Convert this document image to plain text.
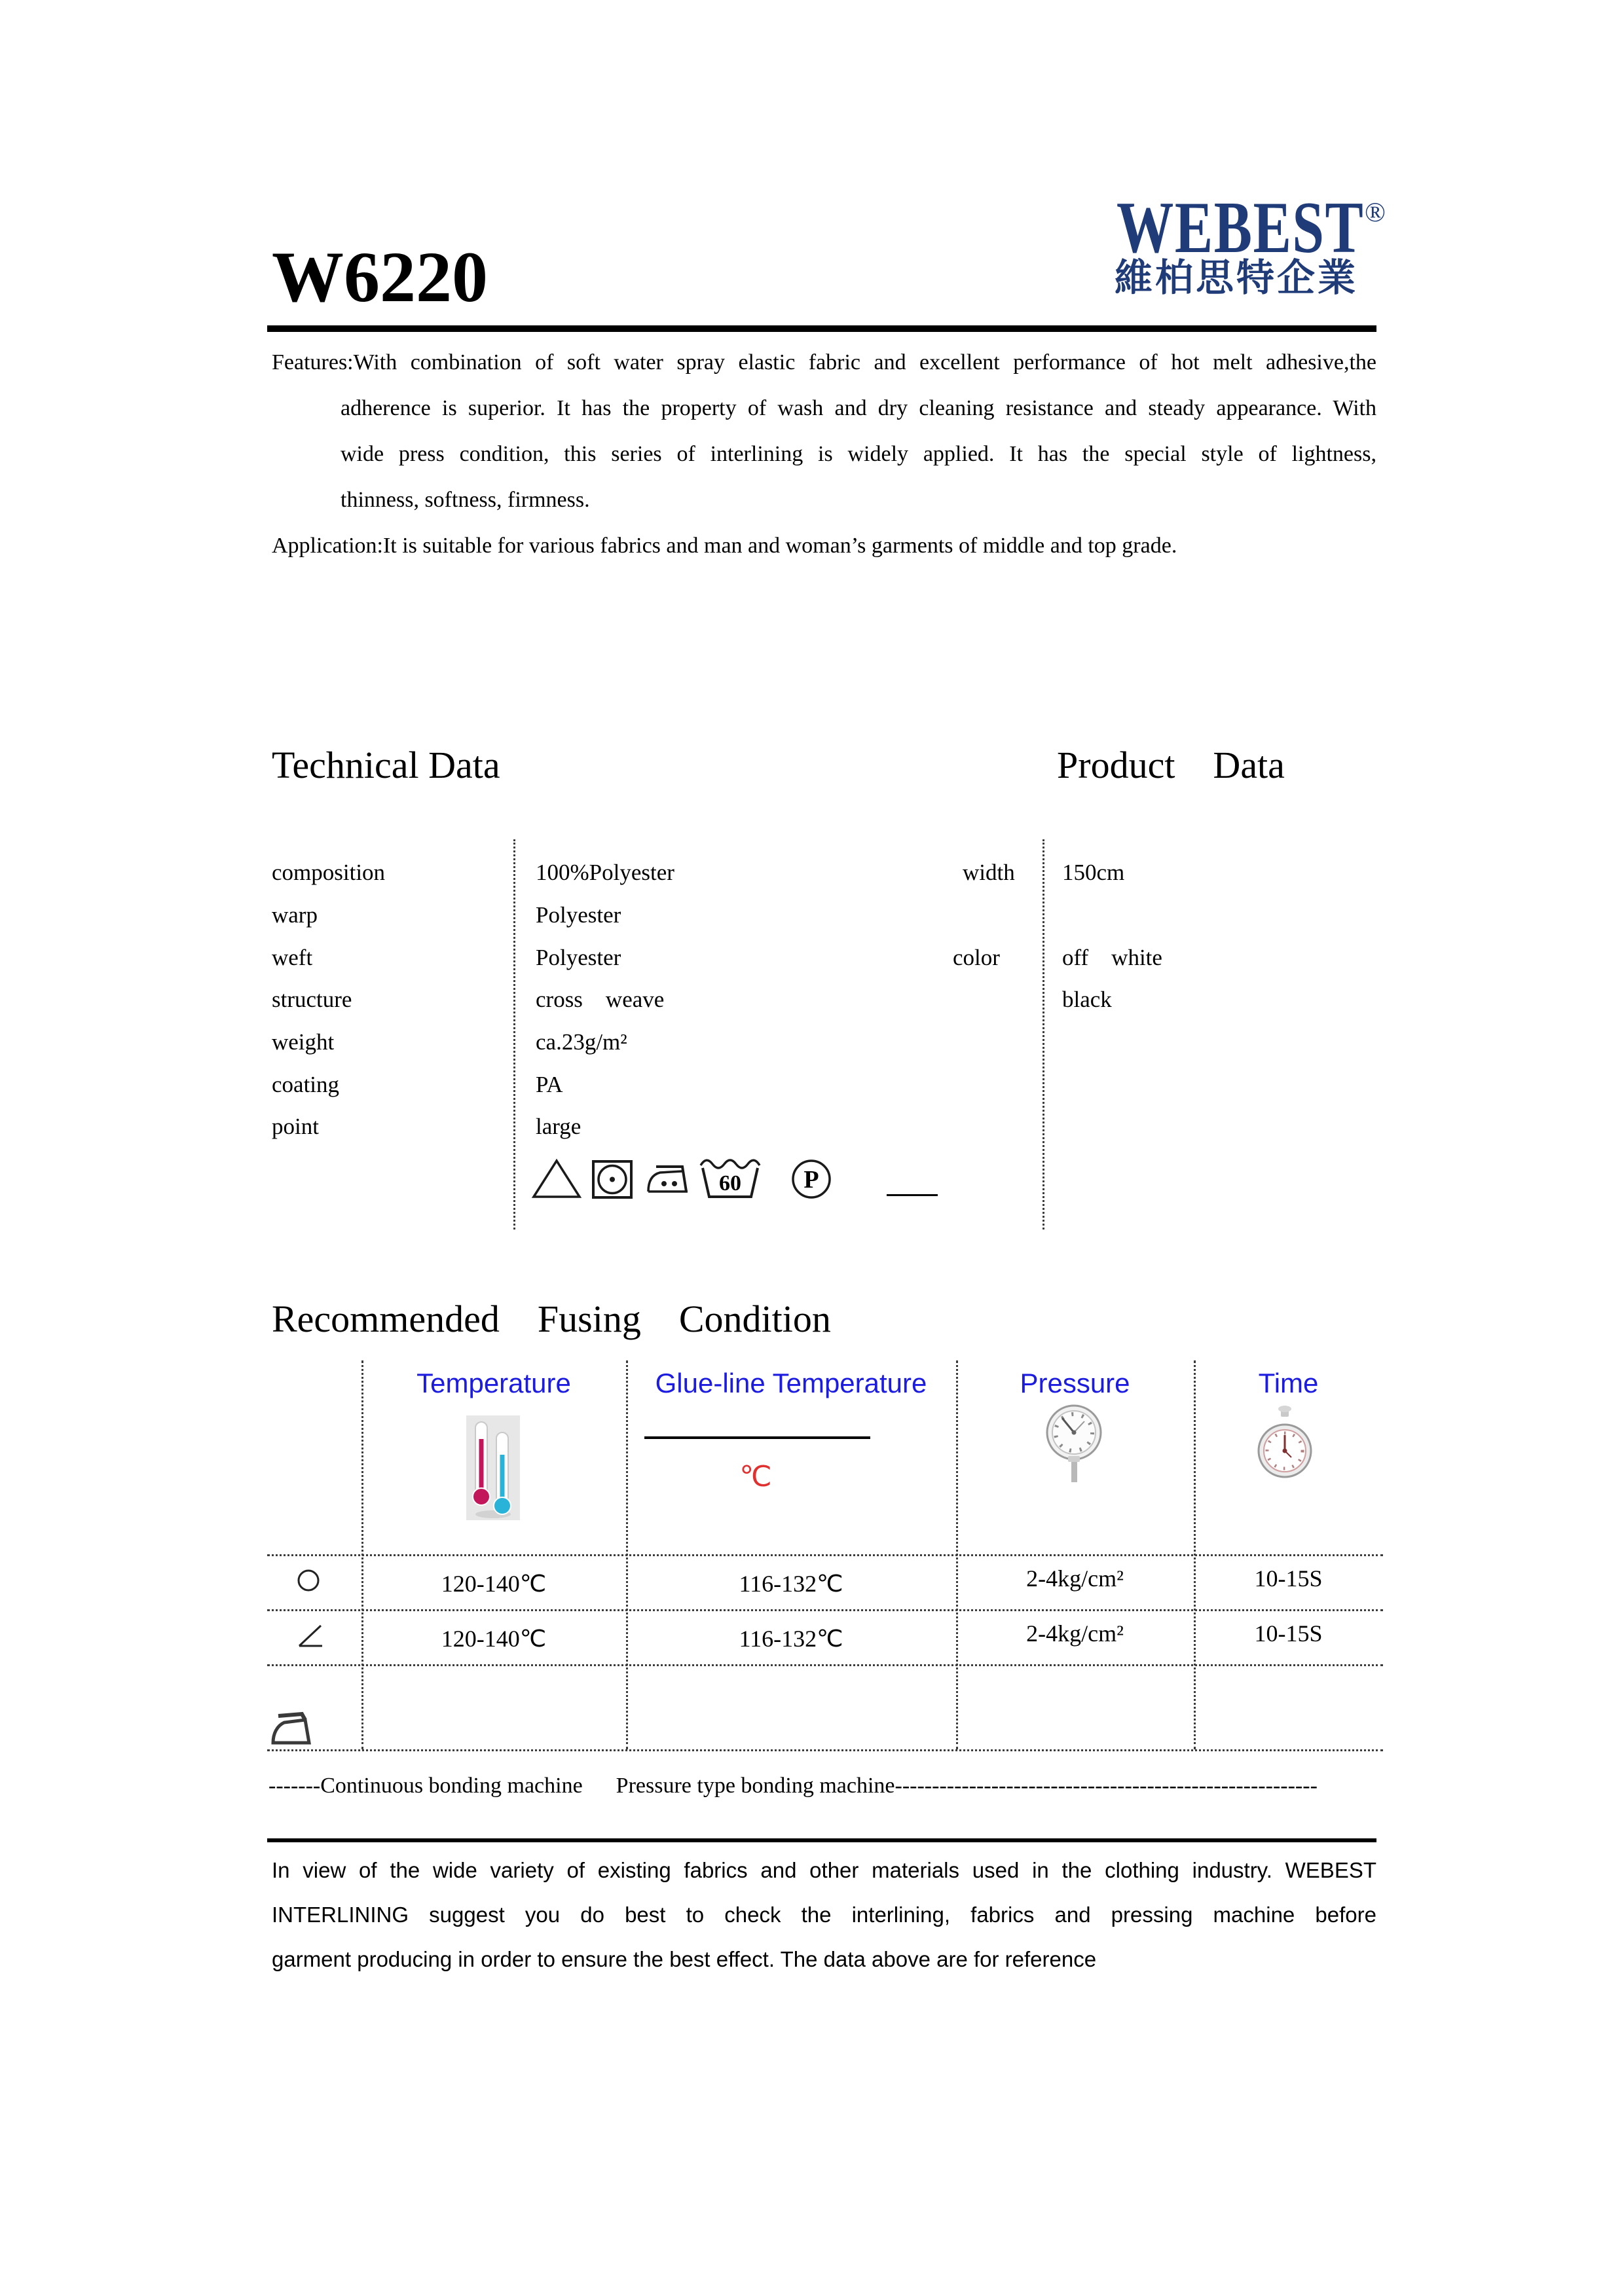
W6220
WEBEST ®
維柏思特企業
Features:With combination of soft water spray elastic fabric and excellent performance of hot melt adhesive,the
adherence is superior. It has the property of wash and dry cleaning resistance and steady appearance. With
wide press condition, this series of interlining is widely applied. It has the special style of lightness,
thinness, softness, firmness.
Application:It is suitable for various fabrics and man and woman’s garments of middle and top grade.
Technical Data	Product    Data
composition	100%Polyester
warp	Polyester
weft	Polyester
structure	cross    weave
weight	ca.23g/m²
coating	PA
point	large
width 150cm
color	off    white
black
60	P
Recommended    Fusing    Condition
Temperature	Glue-line Temperature	Pressure	Time
℃
120-140℃	116-132℃	2-4kg/cm²	10-15S
120-140℃	116-132℃	2-4kg/cm²	10-15S
-------Continuous bonding machine      Pressure type bonding machine---------------------------------------------------------
In view of the wide variety of existing fabrics and other materials used in the clothing industry. WEBEST
INTERLINING suggest you do best to check the interlining, fabrics and pressing machine before
garment producing in order to ensure the best effect. The data above are for reference
